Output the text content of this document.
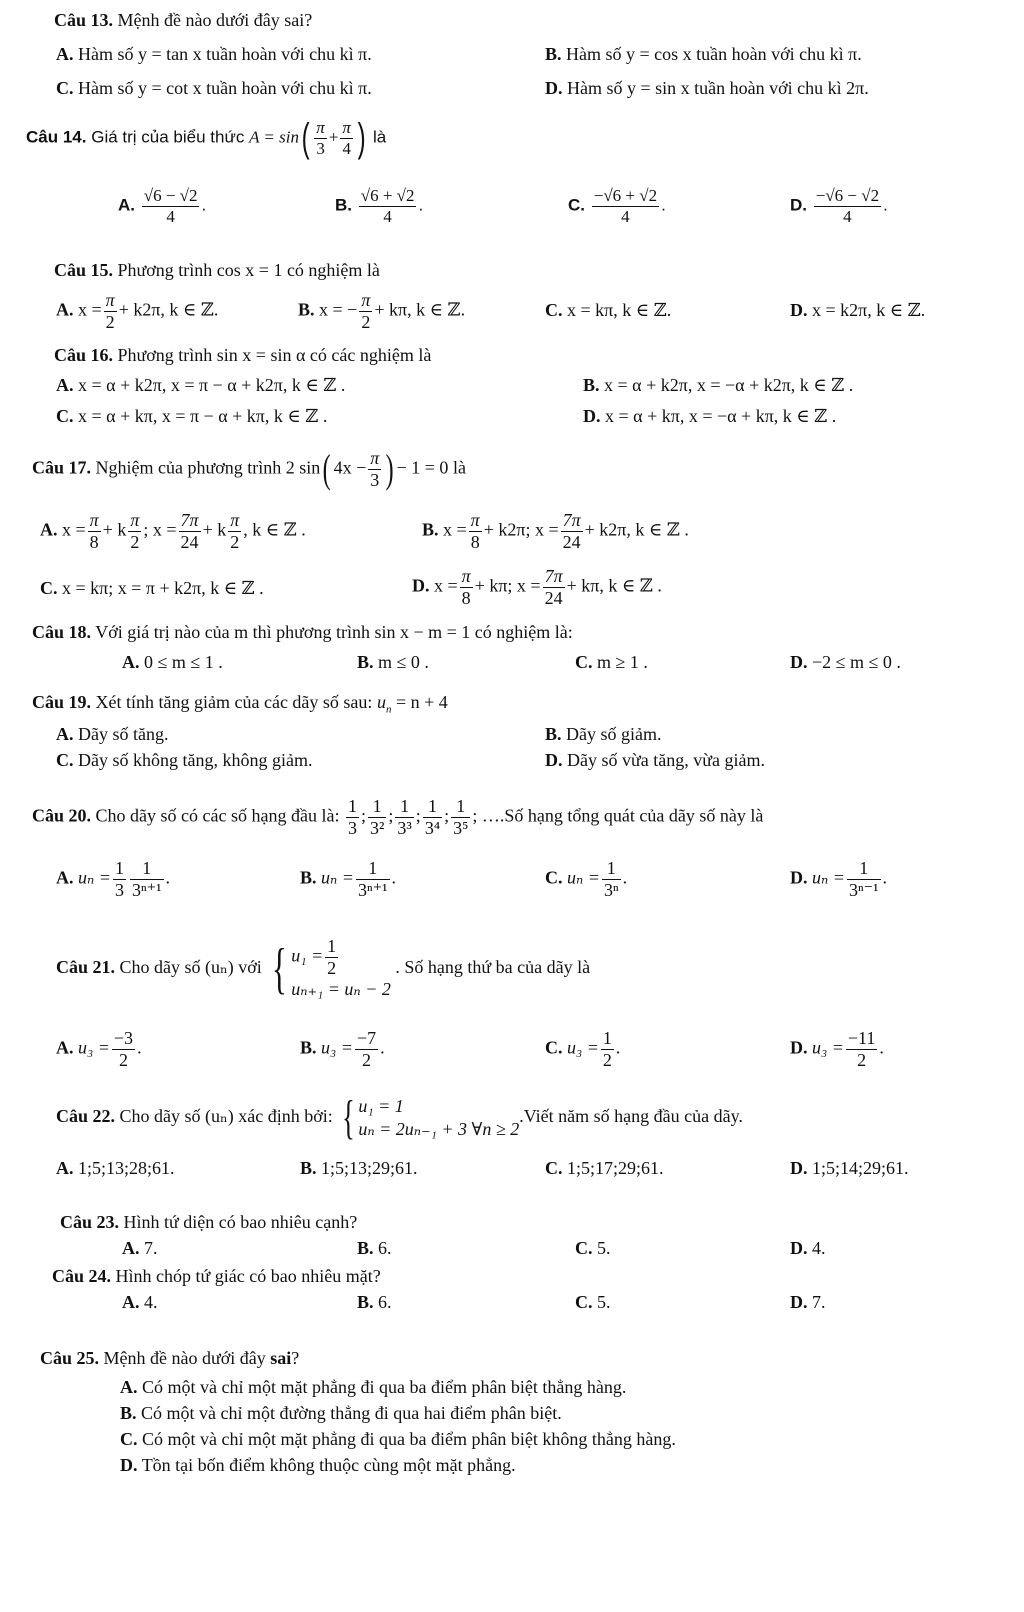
Câu 13. Mệnh đề nào dưới đây sai?
A. Hàm số y = tan x tuần hoàn với chu kì π.	B. Hàm số y = cos x tuần hoàn với chu kì π.
C. Hàm số y = cot x tuần hoàn với chu kì π.	D. Hàm số y = sin x tuần hoàn với chu kì 2π.
Câu 14. Giá trị của biểu thức $A = \sin( \frac{\pi}{3} + \frac{\pi}{4}$ ) là
A. $\frac{√6 - √2}{4}$ .	B. $\frac{√6 + √2}{4}$ .	C. $\frac{-√6 + √2}{4}$ .	D. $\frac{-√6 - √2}{4}$ .
Câu 15. Phương trình cos x = 1 có nghiệm là
A. $x = \frac{\pi}{2} + k2\pi$, k ∈ ℤ.	B. x = − $\frac{\pi}{2} + k\pi$, k ∈ ℤ.	C. x = kπ, k ∈ ℤ.	D. x = k2π, k ∈ ℤ.
Câu 16. Phương trình sin x = sin α có các nghiệm là
A. x = α + k2π, x = π − α + k2π, k ∈ ℤ .	B. x = α + k2π, x = −α + k2π, k ∈ ℤ .
C. x = α + kπ, x = π − α + kπ, k ∈ ℤ .	D. x = α + kπ, x = −α + kπ, k ∈ ℤ .
Câu 17. Nghiệm của phương trình 2 sin( $4x - \frac{\pi}{3}$ ) − 1 = 0 là
A. $x = \frac{\pi}{8} + k \frac{\pi}{2}$ ; $x = \frac{7\pi}{24} + k \frac{\pi}{2}$ , k ∈ ℤ .	B. $x = \frac{\pi}{8} + k2\pi$; $x = \frac{7\pi}{24} + k2\pi$, k ∈ ℤ .
C. x = kπ; x = π + k2π, k ∈ ℤ .	D. $x = \frac{\pi}{8} + k\pi$; $x = \frac{7\pi}{24} + k\pi$, k ∈ ℤ .
Câu 18. Với giá trị nào của m thì phương trình sin x − m = 1 có nghiệm là:
A. 0 ≤ m ≤ 1 .	B. m ≤ 0 .	C. m ≥ 1 .	D. −2 ≤ m ≤ 0 .
Câu 19. Xét tính tăng giảm của các dãy số sau: $u_n = n + 4$
A. Dãy số tăng.	B. Dãy số giảm.
C. Dãy số không tăng, không giảm.	D. Dãy số vừa tăng, vừa giảm.
Câu 20. Cho dãy số có các số hạng đầu là: $\frac{1}{3}$ ; $\frac{1}{\text{3²}}$ ; $\frac{1}{\text{3³}}$ ; $\frac{1}{\text{3⁴}}$ ; $\frac{1}{\text{3⁵}}$ ; ….Số hạng tổng quát của dãy số này là
A. $u_n = \frac{1}{3} \frac{1}{\text{3ⁿ⁺¹}}$ .	B. $u_n = \frac{1}{\text{3ⁿ⁺¹}}$ .	C. $u_n = \frac{1}{\text{3ⁿ}}$ .	D. $u_n = \frac{1}{\text{3ⁿ⁻¹}}$ .
Câu 21. Cho dãy số (uₙ) với { $u_1 = \frac{1}{2}$
uₙ₊₁ = uₙ − 2
. Số hạng thứ ba của dãy là
A. $u_3 = \frac{-3}{2}$ .	B. $u_3 = \frac{-7}{2}$ .	C. $u_3 = \frac{1}{2}$ .	D. $u_3 = \frac{-11}{2}$ .
Câu 22. Cho dãy số (uₙ) xác định bởi: { u₁ = 1
uₙ = 2uₙ₋₁ + 3 ∀n ≥ 2
.Viết năm số hạng đầu của dãy.
A. 1;5;13;28;61.	B. 1;5;13;29;61.	C. 1;5;17;29;61.	D. 1;5;14;29;61.
Câu 23. Hình tứ diện có bao nhiêu cạnh?
A. 7.	B. 6.	C. 5.	D. 4.
Câu 24. Hình chóp tứ giác có bao nhiêu mặt?
A. 4.	B. 6.	C. 5.	D. 7.
Câu 25. Mệnh đề nào dưới đây sai?
A. Có một và chỉ một mặt phẳng đi qua ba điểm phân biệt thẳng hàng.
B. Có một và chỉ một đường thẳng đi qua hai điểm phân biệt.
C. Có một và chỉ một mặt phẳng đi qua ba điểm phân biệt không thẳng hàng.
D. Tồn tại bốn điểm không thuộc cùng một mặt phẳng.
